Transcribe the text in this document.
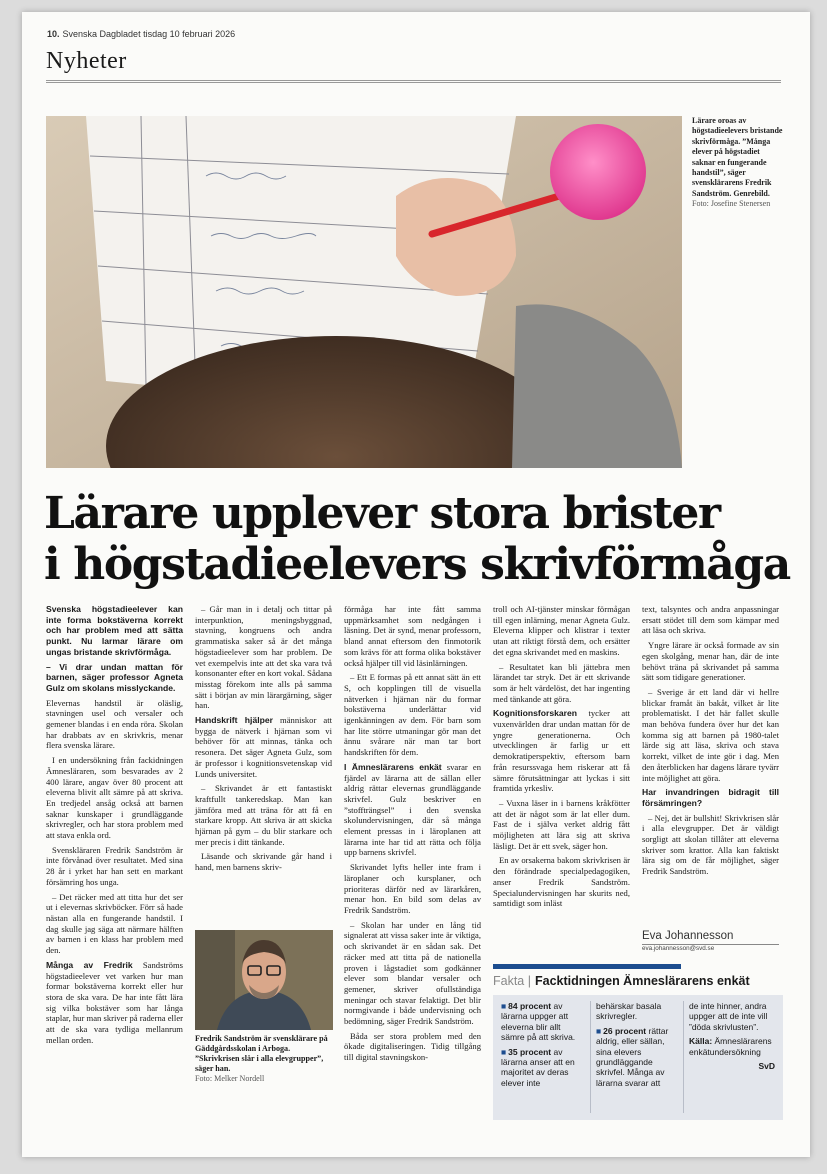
10. Svenska Dagbladet tisdag 10 februari 2026
Nyheter
Lärare oroas av högstadieelevers bristande skrivförmåga. ”Många elever på högstadiet saknar en fungerande handstil”, säger svensklärarens Fredrik Sandström. Genrebild.
Foto: Josefine Stenersen
Lärare upplever stora brister
i högstadieelevers skrivförmåga

Svenska högstadieelever kan inte forma bokstäverna korrekt och har problem med att sätta punkt. Nu larmar lärare om ungas bristande skrivförmåga.

– Vi drar undan mattan för barnen, säger professor Agneta Gulz om skolans misslyckande.

Elevernas handstil är oläslig, stavningen usel och versaler och gemener blandas i en enda röra. Skolan har drabbats av en skrivkris, menar flera svenska lärare.

I en undersökning från fackidningen Ämnesläraren, som besvarades av 2 400 lärare, angav över 80 procent att eleverna blivit allt sämre på att skriva. En tredjedel ansåg också att barnen saknar kunskaper i grundläggande skrivregler, och har stora problem med att stava enkla ord.

Svenskläraren Fredrik Sandström är inte förvånad över resultatet. Med sina 28 år i yrket har han sett en markant försämring hos unga.

– Det räcker med att titta hur det ser ut i elevernas skrivböcker. Förr så hade nästan alla en fungerande handstil. I dag skulle jag säga att närmare hälften av barnen i en klass har problem med den.

Många av Fredrik Sandströms högstadieelever vet varken hur man formar bokstäverna korrekt eller hur stora de ska vara. De har inte fått lära sig vilka bokstäver som har långa staplar, hur man skriver på raderna eller att de ska vara tydliga mellanrum mellan orden.

– Går man in i detalj och tittar på interpunktion, meningsbyggnad, stavning, kongruens och andra grammatiska saker så är det många högstadieelever som har problem. De vet exempelvis inte att det ska vara två konsonanter efter en kort vokal. Sådana misstag förekom inte alls på samma sätt i början av min lärargärning, säger han.

Handskrift hjälper människor att bygga de nätverk i hjärnan som vi behöver för att minnas, tänka och resonera. Det säger Agneta Gulz, som är professor i kognitionsvetenskap vid Lunds universitet.

– Skrivandet är ett fantastiskt kraftfullt tankeredskap. Man kan jämföra med att träna för att få en starkare kropp. Att skriva är att skicka hjärnan på gym – du blir starkare och mer precis i ditt tänkande.

Läsande och skrivande går hand i hand, men barnens skriv-

förmåga har inte fått samma uppmärksamhet som nedgången i läsning. Det är synd, menar professorn, bland annat eftersom den finmotorik som krävs för att forma olika bokstäver också hjälper till vid läsinlärningen.

– Ett E formas på ett annat sätt än ett S, och kopplingen till de visuella nätverken i hjärnan när du formar bokstäverna underlättar vid igenkänningen av dem. För barn som har lite större utmaningar gör man det ännu svårare när man tar bort handskriften för dem.

I Ämneslärarens enkät svarar en fjärdel av lärarna att de sällan eller aldrig rättar elevernas grundläggande skrivfel. Gulz beskriver en ”stoffträngsel” i den svenska skolundervisningen, där så många element pressas in i läroplanen att lärarna inte har tid att rätta och följa upp barnens skrivfel.

Skrivandet lyfts heller inte fram i läroplaner och kursplaner, och prioriteras därför ned av lärarkåren, menar hon. En bild som delas av Fredrik Sandström.

– Skolan har under en lång tid signalerat att vissa saker inte är viktiga, och skrivandet är en sådan sak. Det räcker med att titta på de nationella proven i lågstadiet som godkänner elever som blandar versaler och gemener, skriver ofullständiga meningar och stavar felaktigt. Det blir normgivande i både undervisning och bedömning, säger Fredrik Sandström.

Båda ser stora problem med den ökade digitaliseringen. Tidig tillgång till digital stavningskon-

troll och AI-tjänster minskar förmågan till egen inlärning, menar Agneta Gulz. Eleverna klipper och klistrar i texter utan att riktigt förstå dem, och ersätter det egna skrivandet med en maskins.

– Resultatet kan bli jättebra men lärandet tar stryk. Det är ett skrivande som är helt värdelöst, det har ingenting med tänkande att göra.

Kognitionsforskaren tycker att vuxenvärlden drar undan mattan för de yngre generationerna. Och utvecklingen är farlig ur ett demokratiperspektiv, eftersom barn från resurssvaga hem riskerar att få sämre förutsättningar att lyckas i sitt framtida yrkesliv.

– Vuxna läser in i barnens kråkfötter att det är något som är lat eller dum. Fast de i själva verket aldrig fått möjligheten att lära sig att skriva läsligt. Det är ett svek, säger hon.

En av orsakerna bakom skrivkrisen är den förändrade specialpedagogiken, anser Fredrik Sandström. Specialundervisningen har skurits ned, samtidigt som inläst

text, talsyntes och andra anpassningar ersatt stödet till dem som kämpar med att läsa och skriva.

Yngre lärare är också formade av sin egen skolgång, menar han, där de inte behövt träna på skrivandet på samma sätt som tidigare generationer.

– Sverige är ett land där vi hellre blickar framåt än bakåt, vilket är lite problematiskt. I det här fallet skulle man behöva fundera över hur det kan komma sig att barnen på 1980-talet lärde sig att läsa, skriva och stava korrekt, vilket de inte gör i dag. Men den återblicken har dagens lärare tyvärr inte möjlighet att göra.

Har invandringen bidragit till försämringen?

– Nej, det är bullshit! Skrivkrisen slår i alla elevgrupper. Det är väldigt sorgligt att skolan tillåter att eleverna skriver som krattor. Alla kan faktiskt lära sig om de får möjlighet, säger Fredrik Sandström.

Fredrik Sandström är svensklärare på Gäddgårdsskolan i Arboga. ”Skrivkrisen slår i alla elevgrupper”, säger han.
Foto: Melker Nordell
Eva Johannesson
eva.johannesson@svd.se
Fakta | Facktidningen Ämneslärarens enkät

■ 84 procent av lärarna uppger att eleverna blir allt sämre på att skriva.

■ 35 procent av lärarna anser att en majoritet av deras elever inte

behärskar basala skrivregler.

■ 26 procent rättar aldrig, eller sällan, sina elevers grundläggande skrivfel. Många av lärarna svarar att

de inte hinner, andra uppger att de inte vill ”döda skrivlusten”.

Källa: Ämneslärarens enkätundersökning

SvD
